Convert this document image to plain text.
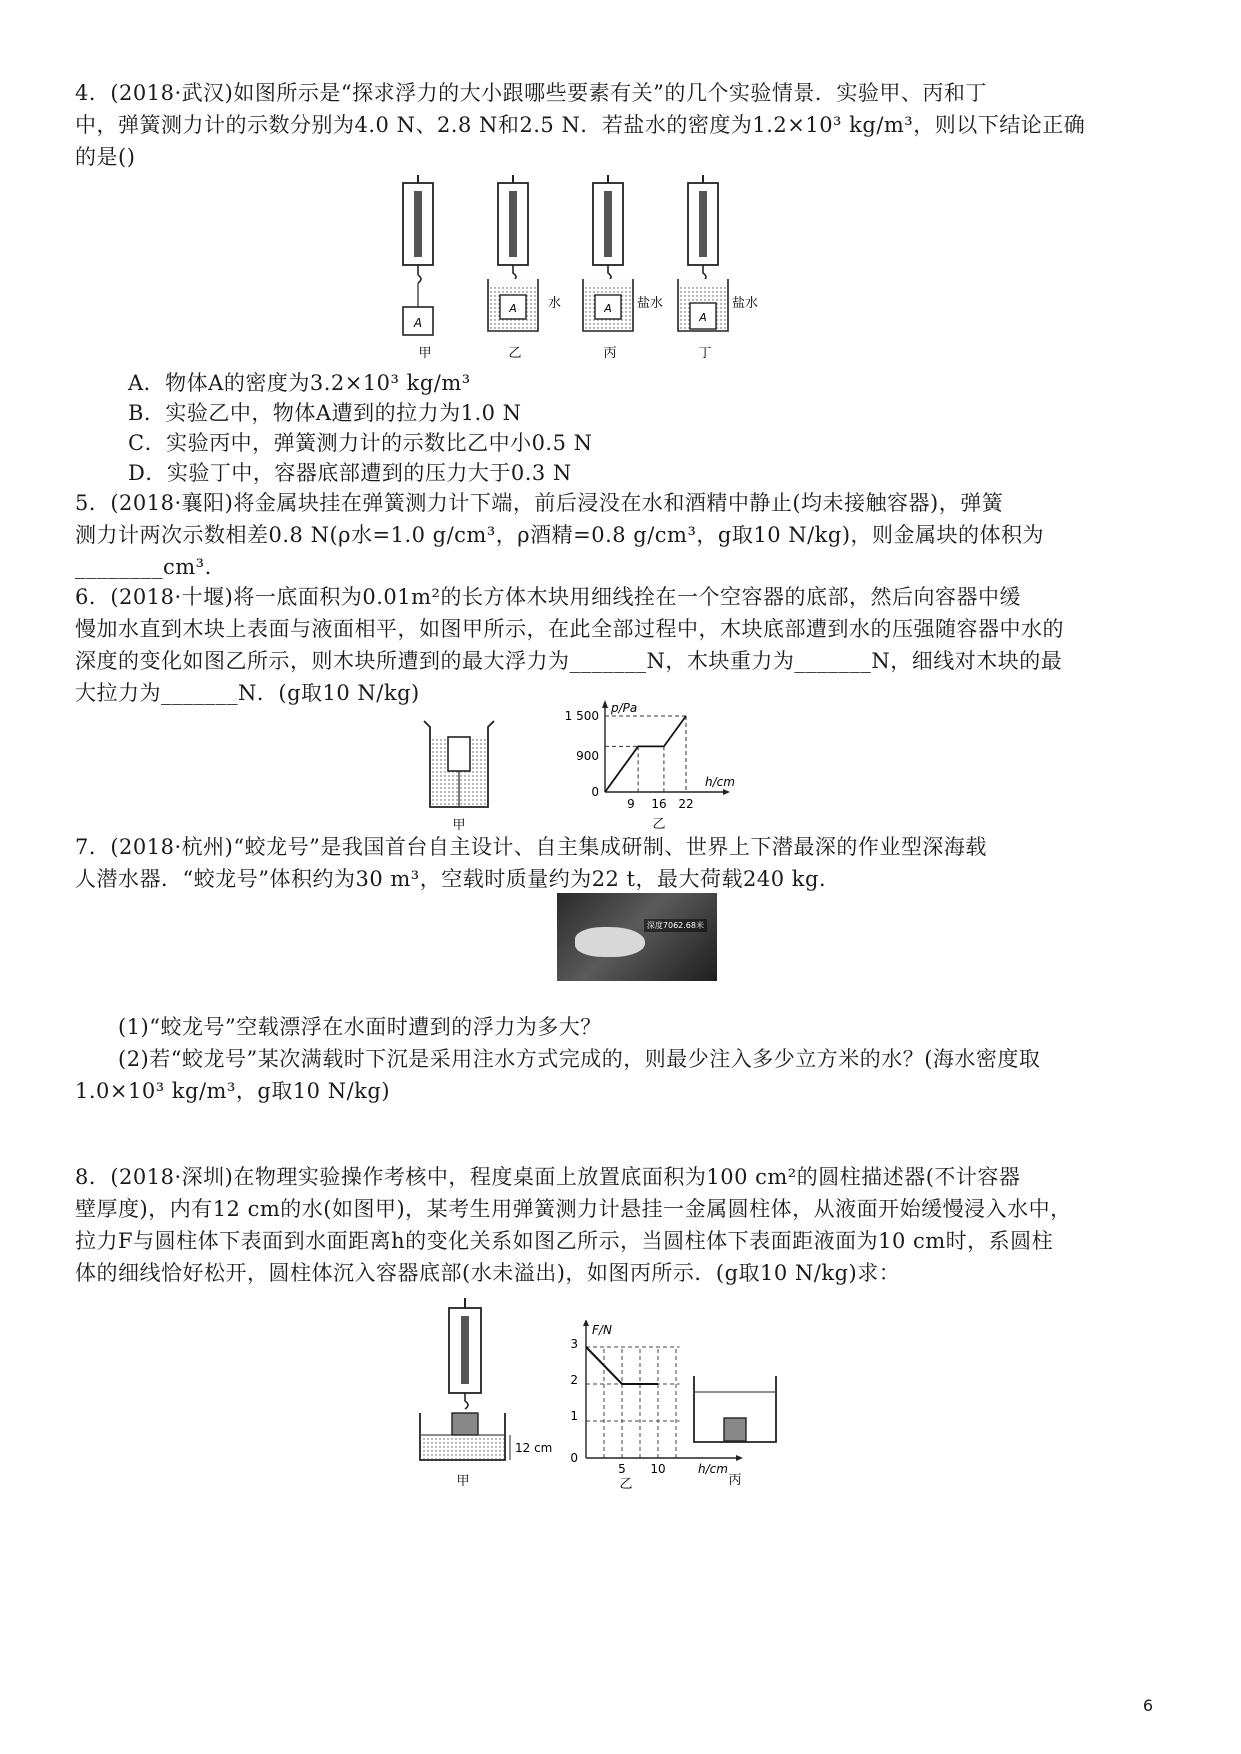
4．(2018·武汉)如图所示是“探求浮力的大小跟哪些要素有关”的几个实验情景．实验甲、丙和丁
中，弹簧测力计的示数分别为4.0 N、2.8 N和2.5 N．若盐水的密度为1.2×10³ kg/m³，则以下结论正确
的是()
A
甲
A 水
乙
A 盐水
丙
A
盐水
丁
A．物体A的密度为3.2×10³ kg/m³
B．实验乙中，物体A遭到的拉力为1.0 N
C．实验丙中，弹簧测力计的示数比乙中小0.5 N
D．实验丁中，容器底部遭到的压力大于0.3 N
5．(2018·襄阳)将金属块挂在弹簧测力计下端，前后浸没在水和酒精中静止(均未接触容器)，弹簧
测力计两次示数相差0.8 N(ρ水=1.0 g/cm³，ρ酒精=0.8 g/cm³，g取10 N/kg)，则金属块的体积为
________cm³.
6．(2018·十堰)将一底面积为0.01m²的长方体木块用细线拴在一个空容器的底部，然后向容器中缓
慢加水直到木块上表面与液面相平，如图甲所示，在此全部过程中，木块底部遭到水的压强随容器中水的
深度的变化如图乙所示，则木块所遭到的最大浮力为_______N，木块重力为_______N，细线对木块的最
大拉力为_______N．(g取10 N/kg)
甲
p/Pa
h/cm
1 500
900
0
9 16 22
乙
7．(2018·杭州)“蛟龙号”是我国首台自主设计、自主集成研制、世界上下潜最深的作业型深海载
人潜水器．“蛟龙号”体积约为30 m³，空载时质量约为22 t，最大荷载240 kg．
深度7062.68米
(1)“蛟龙号”空载漂浮在水面时遭到的浮力为多大？
(2)若“蛟龙号”某次满载时下沉是采用注水方式完成的，则最少注入多少立方米的水？(海水密度取
1.0×10³ kg/m³，g取10 N/kg)
8．(2018·深圳)在物理实验操作考核中，程度桌面上放置底面积为100 cm²的圆柱描述器(不计容器
壁厚度)，内有12 cm的水(如图甲)，某考生用弹簧测力计悬挂一金属圆柱体，从液面开始缓慢浸入水中，
拉力F与圆柱体下表面到水面距离h的变化关系如图乙所示，当圆柱体下表面距液面为10 cm时，系圆柱
体的细线恰好松开，圆柱体沉入容器底部(水未溢出)，如图丙所示．(g取10 N/kg)求：
12 cm
甲
F/N
h/cm
3
2
1
0
5 10
乙	丙
6
